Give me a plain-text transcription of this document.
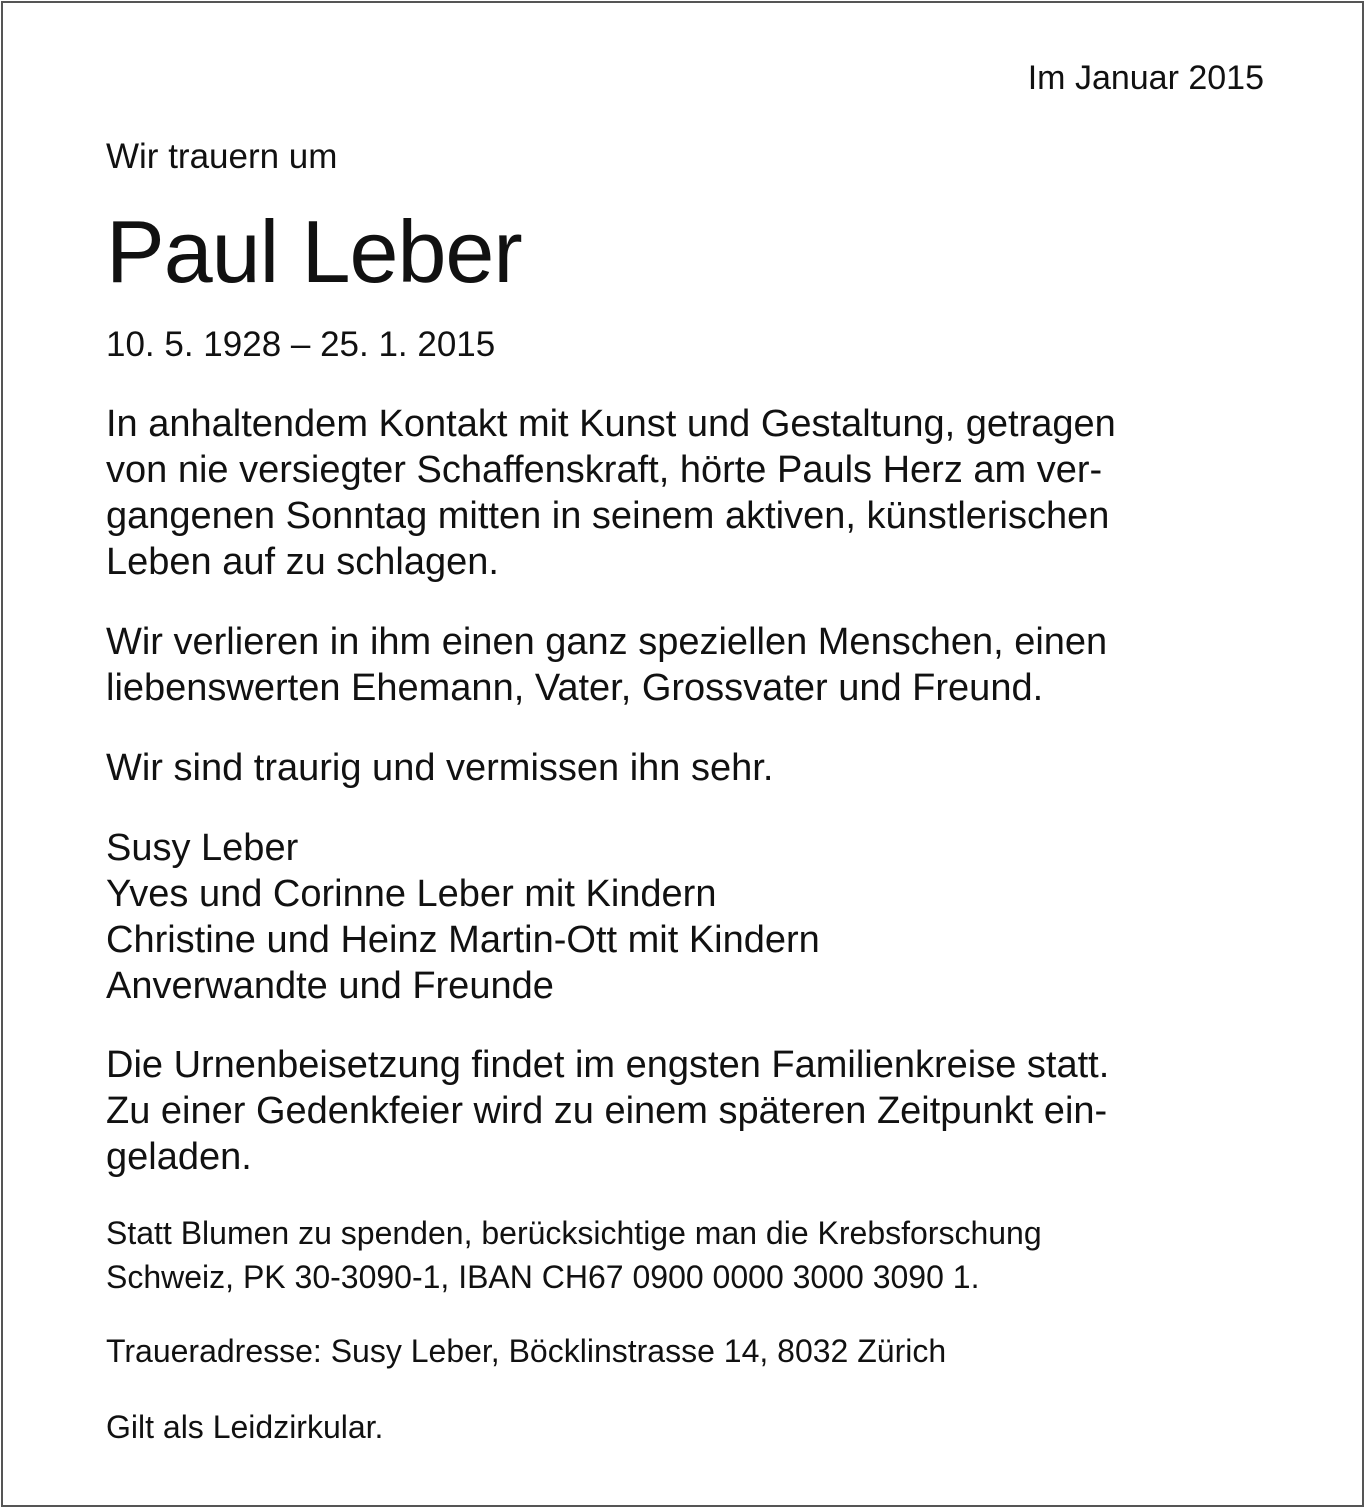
Im Januar 2015
Wir trauern um
Paul Leber
10. 5. 1928 – 25. 1. 2015
In anhaltendem Kontakt mit Kunst und Gestaltung, getragen
von nie versiegter Schaffenskraft, hörte Pauls Herz am ver-
gangenen Sonntag mitten in seinem aktiven, künstlerischen
Leben auf zu schlagen.
Wir verlieren in ihm einen ganz speziellen Menschen, einen
liebenswerten Ehemann, Vater, Grossvater und Freund.
Wir sind traurig und vermissen ihn sehr.
Susy Leber
Yves und Corinne Leber mit Kindern
Christine und Heinz Martin-Ott mit Kindern
Anverwandte und Freunde
Die Urnenbeisetzung findet im engsten Familienkreise statt.
Zu einer Gedenkfeier wird zu einem späteren Zeitpunkt ein-
geladen.
Statt Blumen zu spenden, berücksichtige man die Krebsforschung
Schweiz, PK 30-3090-1, IBAN CH67 0900 0000 3000 3090 1.
Traueradresse: Susy Leber, Böcklinstrasse 14, 8032 Zürich
Gilt als Leidzirkular.
